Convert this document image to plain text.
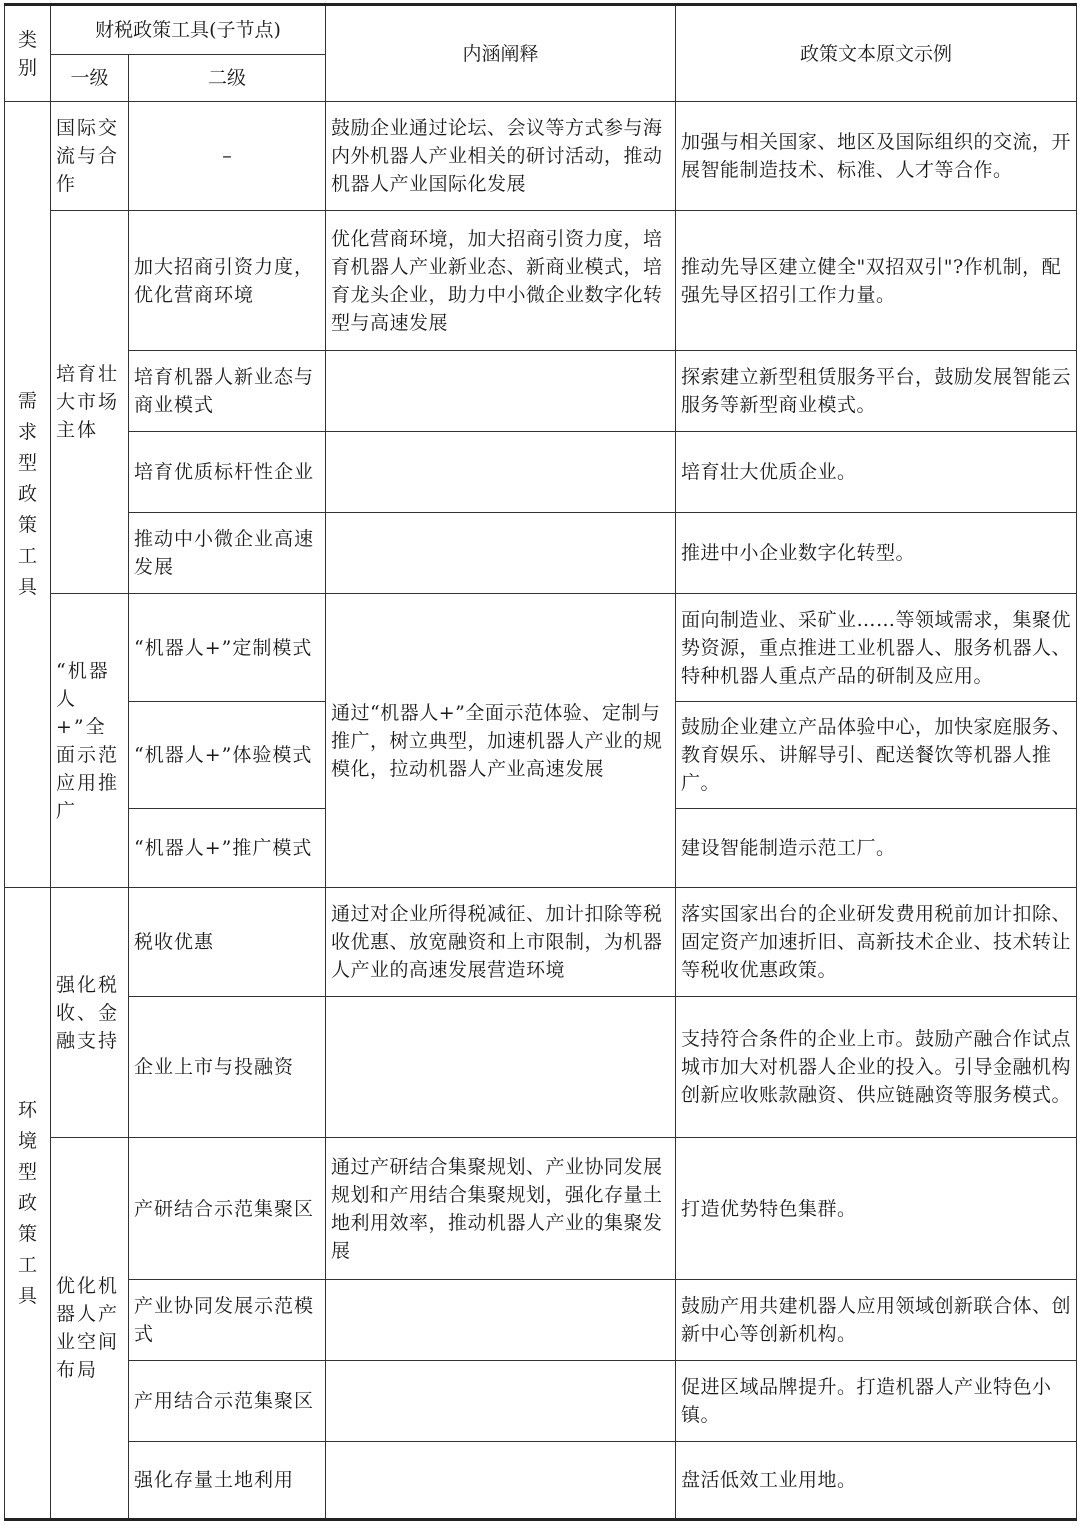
类别	财税政策工具(子节点)		内涵阐释	政策文本原文示例
	一级	二级		
需求型政策工具	国际交流与合作	–	鼓励企业通过论坛、会议等方式参与海内外机器人产业相关的研讨活动，推动机器人产业国际化发展	加强与相关国家、地区及国际组织的交流，开展智能制造技术、标准、人才等合作。
	培育壮大市场主体	加大招商引资力度，优化营商环境	优化营商环境，加大招商引资力度，培育机器人产业新业态、新商业模式，培育龙头企业，助力中小微企业数字化转型与高速发展	推动先导区建立健全"双招双引"?作机制，配强先导区招引工作力量。
		培育机器人新业态与商业模式		探索建立新型租赁服务平台，鼓励发展智能云服务等新型商业模式。
		培育优质标杆性企业		培育壮大优质企业。
		推动中小微企业高速发展		推进中小企业数字化转型。
	“机器人+”全面示范应用推广	“机器人+”定制模式	通过“机器人+”全面示范体验、定制与推广，树立典型，加速机器人产业的规模化，拉动机器人产业高速发展	面向制造业、采矿业……等领域需求，集聚优势资源，重点推进工业机器人、服务机器人、特种机器人重点产品的研制及应用。
		“机器人+”体验模式		鼓励企业建立产品体验中心，加快家庭服务、教育娱乐、讲解导引、配送餐饮等机器人推广。
		“机器人+”推广模式		建设智能制造示范工厂。

环境型政策工具	强化税收、金融支持	税收优惠	通过对企业所得税减征、加计扣除等税收优惠、放宽融资和上市限制，为机器人产业的高速发展营造环境	落实国家出台的企业研发费用税前加计扣除、固定资产加速折旧、高新技术企业、技术转让等税收优惠政策。
		企业上市与投融资		支持符合条件的企业上市。鼓励产融合作试点城市加大对机器人企业的投入。引导金融机构创新应收账款融资、供应链融资等服务模式。
	优化机器人产业空间布局	产研结合示范集聚区	通过产研结合集聚规划、产业协同发展规划和产用结合集聚规划，强化存量土地利用效率，推动机器人产业的集聚发展	打造优势特色集群。
		产业协同发展示范模式		鼓励产用共建机器人应用领域创新联合体、创新中心等创新机构。
		产用结合示范集聚区		促进区域品牌提升。打造机器人产业特色小镇。
		强化存量土地利用		盘活低效工业用地。
